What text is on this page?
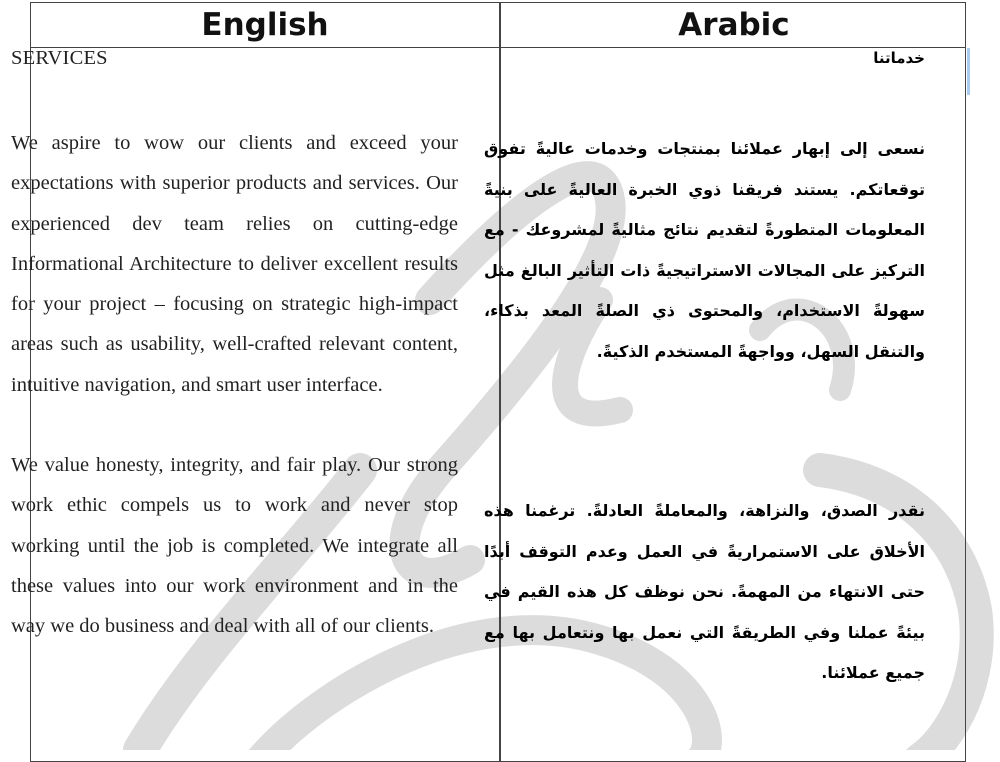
English	Arabic
SERVICES

We aspire to wow our clients and exceed your expectations with superior products and services. Our experienced dev team relies on cutting-edge Informational Architecture to deliver excellent results for your project – focusing on strategic high-impact areas such as usability, well-crafted relevant content, intuitive navigation, and smart user interface.

We value honesty, integrity, and fair play. Our strong work ethic compels us to work and never stop working until the job is completed. We integrate all these values into our work environment and in the way we do business and deal with all of our clients.

خدماتنا

نسعى إلى إبهار عملائنا بمنتجات وخدمات عاليةً تفوق توقعاتكم. يستند فريقنا ذوي الخبرة العاليةً على بنيةً المعلومات المتطورةً لتقديم نتائج مثاليةً لمشروعك - مع التركيز على المجالات الاستراتيجيةً ذات التأثير البالغ مثل سهولةً الاستخدام، والمحتوى ذي الصلةً المعد بذكاء، والتنقل السهل، وواجهةً المستخدم الذكيةً.

نقدر الصدق، والنزاهة، والمعاملةً العادلةً. ترغمنا هذه الأخلاق على الاستمراريةً في العمل وعدم التوقف أبدًا حتى الانتهاء من المهمةً. نحن نوظف كل هذه القيم في بيئةً عملنا وفي الطريقةً التي نعمل بها ونتعامل بها مع جميع عملائنا.
